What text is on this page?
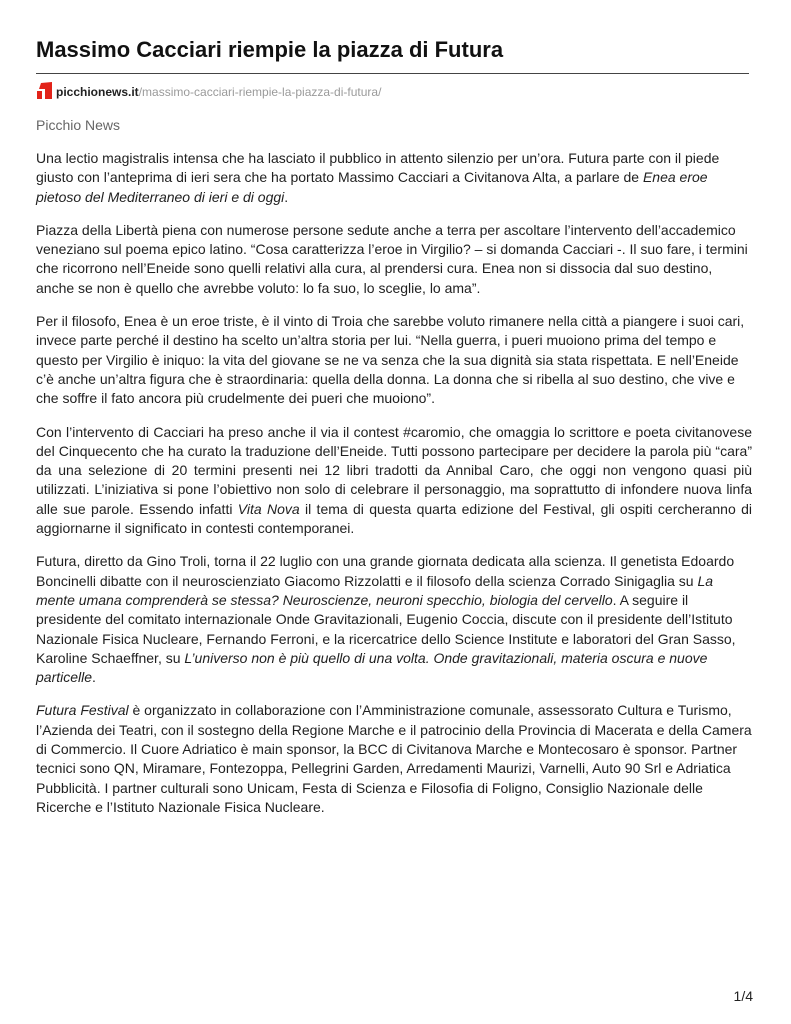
Massimo Cacciari riempie la piazza di Futura
picchionews.it/massimo-cacciari-riempie-la-piazza-di-futura/
Picchio News

Una lectio magistralis intensa che ha lasciato il pubblico in attento silenzio per un’ora. Futura parte con il piede giusto con l’anteprima di ieri sera che ha portato Massimo Cacciari a Civitanova Alta, a parlare de Enea eroe pietoso del Mediterraneo di ieri e di oggi.

Piazza della Libertà piena con numerose persone sedute anche a terra per ascoltare l’intervento dell’accademico veneziano sul poema epico latino. “Cosa caratterizza l’eroe in Virgilio? – si domanda Cacciari -. Il suo fare, i termini che ricorrono nell’Eneide sono quelli relativi alla cura, al prendersi cura. Enea non si dissocia dal suo destino, anche se non è quello che avrebbe voluto: lo fa suo, lo sceglie, lo ama”.

Per il filosofo, Enea è un eroe triste, è il vinto di Troia che sarebbe voluto rimanere nella città a piangere i suoi cari, invece parte perché il destino ha scelto un’altra storia per lui. “Nella guerra, i pueri muoiono prima del tempo e questo per Virgilio è iniquo: la vita del giovane se ne va senza che la sua dignità sia stata rispettata. E nell’Eneide c’è anche un’altra figura che è straordinaria: quella della donna. La donna che si ribella al suo destino, che vive e che soffre il fato ancora più crudelmente dei pueri che muoiono”.

Con l’intervento di Cacciari ha preso anche il via il contest #caromio, che omaggia lo scrittore e poeta civitanovese del Cinquecento che ha curato la traduzione dell’Eneide. Tutti possono partecipare per decidere la parola più “cara” da una selezione di 20 termini presenti nei 12 libri tradotti da Annibal Caro, che oggi non vengono quasi più utilizzati. L’iniziativa si pone l’obiettivo non solo di celebrare il personaggio, ma soprattutto di infondere nuova linfa alle sue parole. Essendo infatti Vita Nova il tema di questa quarta edizione del Festival, gli ospiti cercheranno di aggiornarne il significato in contesti contemporanei.

Futura, diretto da Gino Troli, torna il 22 luglio con una grande giornata dedicata alla scienza. Il genetista Edoardo Boncinelli dibatte con il neuroscienziato Giacomo Rizzolatti e il filosofo della scienza Corrado Sinigaglia su La mente umana comprenderà se stessa? Neuroscienze, neuroni specchio, biologia del cervello. A seguire il presidente del comitato internazionale Onde Gravitazionali, Eugenio Coccia, discute con il presidente dell’Istituto Nazionale Fisica Nucleare, Fernando Ferroni, e la ricercatrice dello Science Institute e laboratori del Gran Sasso, Karoline Schaeffner, su L’universo non è più quello di una volta. Onde gravitazionali, materia oscura e nuove particelle.

Futura Festival è organizzato in collaborazione con l’Amministrazione comunale, assessorato Cultura e Turismo, l’Azienda dei Teatri, con il sostegno della Regione Marche e il patrocinio della Provincia di Macerata e della Camera di Commercio. Il Cuore Adriatico è main sponsor, la BCC di Civitanova Marche e Montecosaro è sponsor. Partner tecnici sono QN, Miramare, Fontezoppa, Pellegrini Garden, Arredamenti Maurizi, Varnelli, Auto 90 Srl e Adriatica Pubblicità. I partner culturali sono Unicam, Festa di Scienza e Filosofia di Foligno, Consiglio Nazionale delle Ricerche e l’Istituto Nazionale Fisica Nucleare.

1/4
